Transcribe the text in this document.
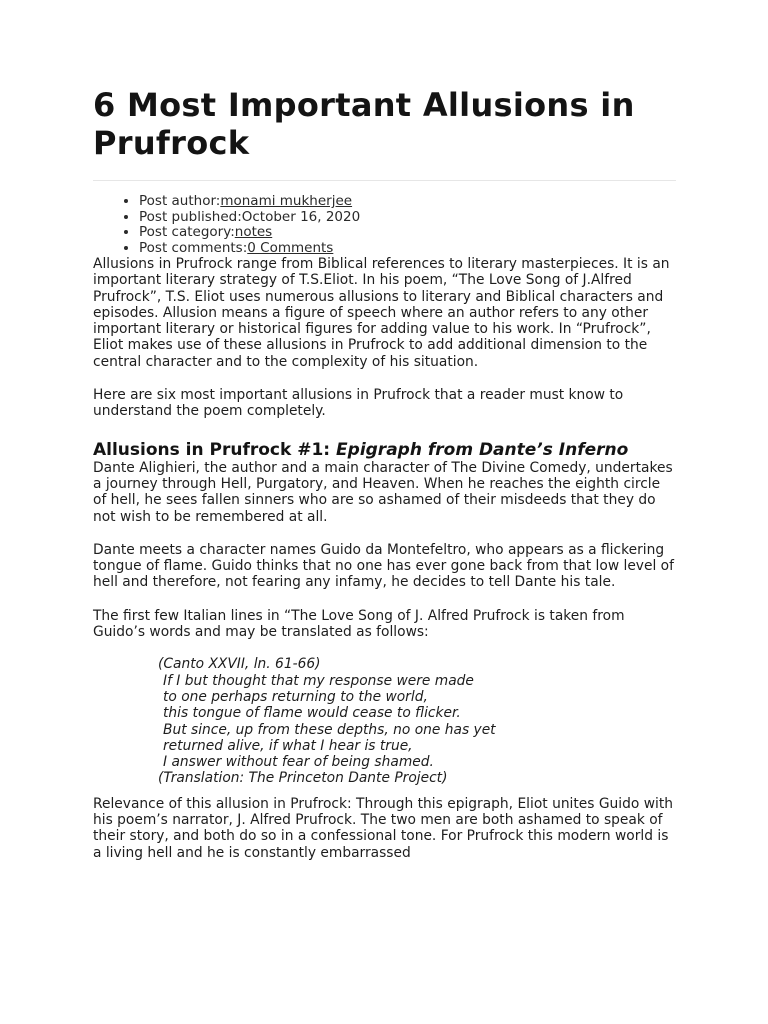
6 Most Important Allusions in Prufrock
• Post author:monami mukherjee
• Post published:October 16, 2020
• Post category:notes
• Post comments:0 Comments

Allusions in Prufrock range from Biblical references to literary masterpieces. It is an important literary strategy of T.S.Eliot. In his poem, “The Love Song of J.Alfred Prufrock”, T.S. Eliot uses numerous allusions to literary and Biblical characters and episodes. Allusion means a figure of speech where an author refers to any other important literary or historical figures for adding value to his work. In “Prufrock”, Eliot makes use of these allusions in Prufrock to add additional dimension to the central character and to the complexity of his situation.

Here are six most important allusions in Prufrock that a reader must know to understand the poem completely.

Allusions in Prufrock #1: Epigraph from Dante’s Inferno

Dante Alighieri, the author and a main character of The Divine Comedy, undertakes a journey through Hell, Purgatory, and Heaven. When he reaches the eighth circle of hell, he sees fallen sinners who are so ashamed of their misdeeds that they do not wish to be remembered at all.

Dante meets a character names Guido da Montefeltro, who appears as a flickering tongue of flame. Guido thinks that no one has ever gone back from that low level of hell and therefore, not fearing any infamy, he decides to tell Dante his tale.

The first few Italian lines in “The Love Song of J. Alfred Prufrock is taken from Guido’s words and may be translated as follows:

(Canto XXVII, ln. 61-66)
If I but thought that my response were made
to one perhaps returning to the world,
this tongue of flame would cease to flicker.
But since, up from these depths, no one has yet
returned alive, if what I hear is true,
I answer without fear of being shamed.
(Translation: The Princeton Dante Project)

Relevance of this allusion in Prufrock: Through this epigraph, Eliot unites Guido with his poem’s narrator, J. Alfred Prufrock. The two men are both ashamed to speak of their story, and both do so in a confessional tone. For Prufrock this modern world is a living hell and he is constantly embarrassed
